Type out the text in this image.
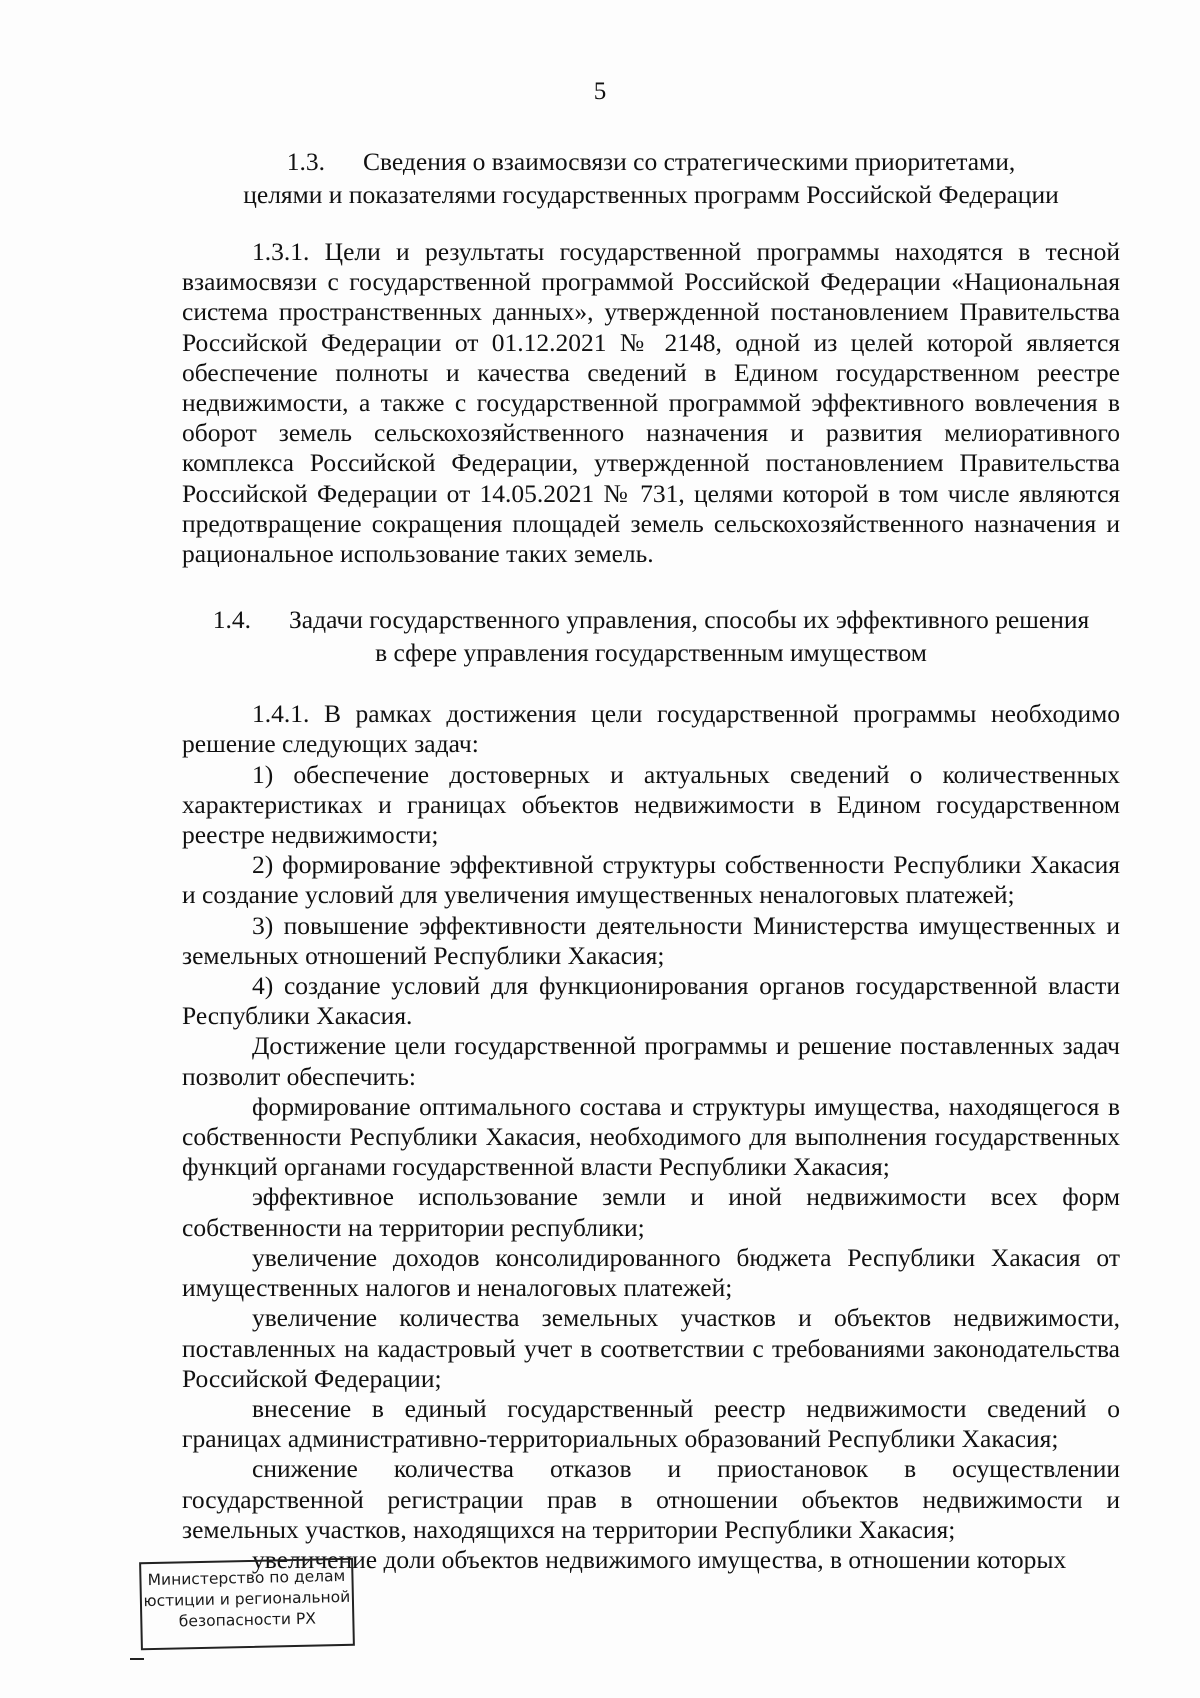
5
1.3. Сведения о взаимосвязи со стратегическими приоритетами,
целями и показателями государственных программ Российской Федерации

1.3.1. Цели и результаты государственной программы находятся в тесной взаимосвязи с государственной программой Российской Федерации «Национальная система пространственных данных», утвержденной постановлением Правительства Российской Федерации от 01.12.2021 № 2148, одной из целей которой является обеспечение полноты и качества сведений в Едином государственном реестре недвижимости, а также с государственной программой эффективного вовлечения в оборот земель сельскохозяйственного назначения и развития мелиоративного комплекса Российской Федерации, утвержденной постановлением Правительства Российской Федерации от 14.05.2021 № 731, целями которой в том числе являются предотвращение сокращения площадей земель сельскохозяйственного назначения и рациональное использование таких земель.

1.4. Задачи государственного управления, способы их эффективного решения
в сфере управления государственным имуществом

1.4.1. В рамках достижения цели государственной программы необходимо решение следующих задач:

1) обеспечение достоверных и актуальных сведений о количественных характеристиках и границах объектов недвижимости в Едином государственном реестре недвижимости;

2) формирование эффективной структуры собственности Республики Хакасия и создание условий для увеличения имущественных неналоговых платежей;

3) повышение эффективности деятельности Министерства имущественных и земельных отношений Республики Хакасия;

4) создание условий для функционирования органов государственной власти Республики Хакасия.

Достижение цели государственной программы и решение поставленных задач позволит обеспечить:

формирование оптимального состава и структуры имущества, находящегося в собственности Республики Хакасия, необходимого для выполнения государственных функций органами государственной власти Республики Хакасия;

эффективное использование земли и иной недвижимости всех форм собственности на территории республики;

увеличение доходов консолидированного бюджета Республики Хакасия от имущественных налогов и неналоговых платежей;

увеличение количества земельных участков и объектов недвижимости, поставленных на кадастровый учет в соответствии с требованиями законодательства Российской Федерации;

внесение в единый государственный реестр недвижимости сведений о границах административно-территориальных образований Республики Хакасия;

снижение количества отказов и приостановок в осуществлении государственной регистрации прав в отношении объектов недвижимости и земельных участков, находящихся на территории Республики Хакасия;

увеличение доли объектов недвижимого имущества, в отношении которых

Министерство по делам
юстиции и региональной
безопасности РХ
